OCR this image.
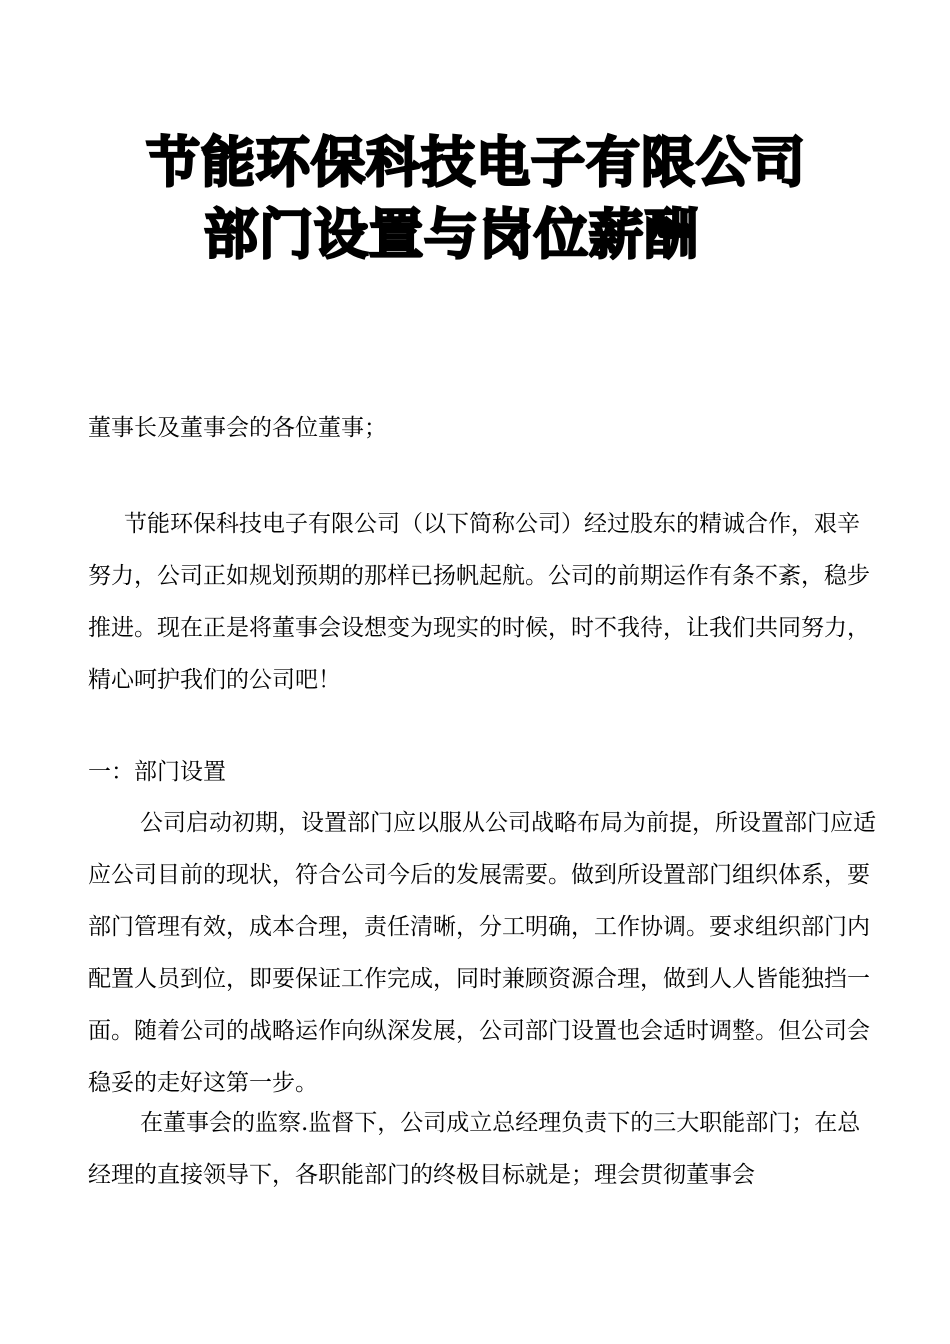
节能环保科技电子有限公司
部门设置与岗位薪酬

董事长及董事会的各位董事；

节能环保科技电子有限公司（以下简称公司）经过股东的精诚合作，艰辛努力，公司正如规划预期的那样已扬帆起航。公司的前期运作有条不紊，稳步推进。现在正是将董事会设想变为现实的时候，时不我待，让我们共同努力，精心呵护我们的公司吧！

一：部门设置

公司启动初期，设置部门应以服从公司战略布局为前提，所设置部门应适应公司目前的现状，符合公司今后的发展需要。做到所设置部门组织体系，要部门管理有效，成本合理，责任清晰，分工明确，工作协调。要求组织部门内配置人员到位，即要保证工作完成，同时兼顾资源合理，做到人人皆能独挡一面。随着公司的战略运作向纵深发展，公司部门设置也会适时调整。但公司会稳妥的走好这第一步。

在董事会的监察.监督下，公司成立总经理负责下的三大职能部门；在总经理的直接领导下，各职能部门的终极目标就是；理会贯彻董事会
